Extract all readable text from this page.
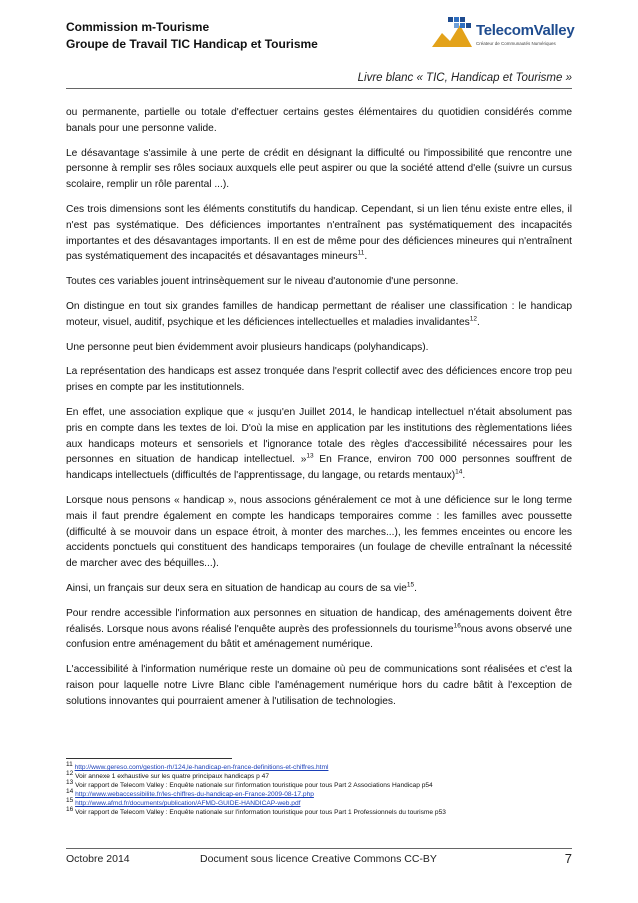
Commission m-Tourisme
Groupe de Travail TIC Handicap et Tourisme
TelecomValley
Créateur de Communautés Numériques
Livre blanc « TIC, Handicap et Tourisme »

ou permanente, partielle ou totale d'effectuer certains gestes élémentaires du quotidien considérés comme banals pour une personne valide.

Le désavantage s'assimile à une perte de crédit en désignant la difficulté ou l'impossibilité que rencontre une personne à remplir ses rôles sociaux auxquels elle peut aspirer ou que la société attend d'elle (suivre un cursus scolaire, remplir un rôle parental ...).

Ces trois dimensions sont les éléments constitutifs du handicap. Cependant, si un lien ténu existe entre elles, il n'est pas systématique. Des déficiences importantes n'entraînent pas systématiquement des incapacités importantes et des désavantages importants. Il en est de même pour des déficiences mineures qui n'entraînent pas systématiquement des incapacités et désavantages mineurs$^{11}$.

Toutes ces variables jouent intrinsèquement sur le niveau d'autonomie d'une personne.

On distingue en tout six grandes familles de handicap permettant de réaliser une classification : le handicap moteur, visuel, auditif, psychique et les déficiences intellectuelles et maladies invalidantes$^{12}$.

Une personne peut bien évidemment avoir plusieurs handicaps (polyhandicaps).

La représentation des handicaps est assez tronquée dans l'esprit collectif avec des déficiences encore trop peu prises en compte par les institutionnels.

En effet, une association explique que « jusqu'en Juillet 2014, le handicap intellectuel n'était absolument pas pris en compte dans les textes de loi. D'où la mise en application par les institutions des règlementations liées aux handicaps moteurs et sensoriels et l'ignorance totale des règles d'accessibilité nécessaires pour les personnes en situation de handicap intellectuel. »$^{13}$ En France, environ 700 000 personnes souffrent de handicaps intellectuels (difficultés de l'apprentissage, du langage, ou retards mentaux)$^{14}$.

Lorsque nous pensons « handicap », nous associons généralement ce mot à une déficience sur le long terme mais il faut prendre également en compte les handicaps temporaires comme : les familles avec poussette (difficulté à se mouvoir dans un espace étroit, à monter des marches...), les femmes enceintes ou encore les accidents ponctuels qui constituent des handicaps temporaires (un foulage de cheville entraînant la nécessité de marcher avec des béquilles...).

Ainsi, un français sur deux sera en situation de handicap au cours de sa vie$^{15}$.

Pour rendre accessible l'information aux personnes en situation de handicap, des aménagements doivent être réalisés. Lorsque nous avons réalisé l'enquête auprès des professionnels du tourisme$^{16}$nous avons observé une confusion entre aménagement du bâtit et aménagement numérique.

L'accessibilité à l'information numérique reste un domaine où peu de communications sont réalisées et c'est la raison pour laquelle notre Livre Blanc cible l'aménagement numérique hors du cadre bâtit à l'exception de solutions innovantes qui pourraient amener à l'utilisation de technologies.

$^{11}$ http://www.gereso.com/gestion-rh/124,le-handicap-en-france-definitions-et-chiffres.html
$^{12}$ Voir annexe 1 exhaustive sur les quatre principaux handicaps p 47
$^{13}$ Voir rapport de Telecom Valley : Enquête nationale sur l'information touristique pour tous Part 2 Associations Handicap p54
$^{14}$ http://www.webaccessibilite.fr/les-chiffres-du-handicap-en-France-2009-08-17.php
$^{15}$ http://www.afmd.fr/documents/publication/AFMD-GUIDE-HANDICAP-web.pdf
$^{16}$ Voir rapport de Telecom Valley : Enquête nationale sur l'information touristique pour tous Part 1 Professionnels du tourisme p53
Octobre 2014	Document sous licence Creative Commons CC-BY	7
